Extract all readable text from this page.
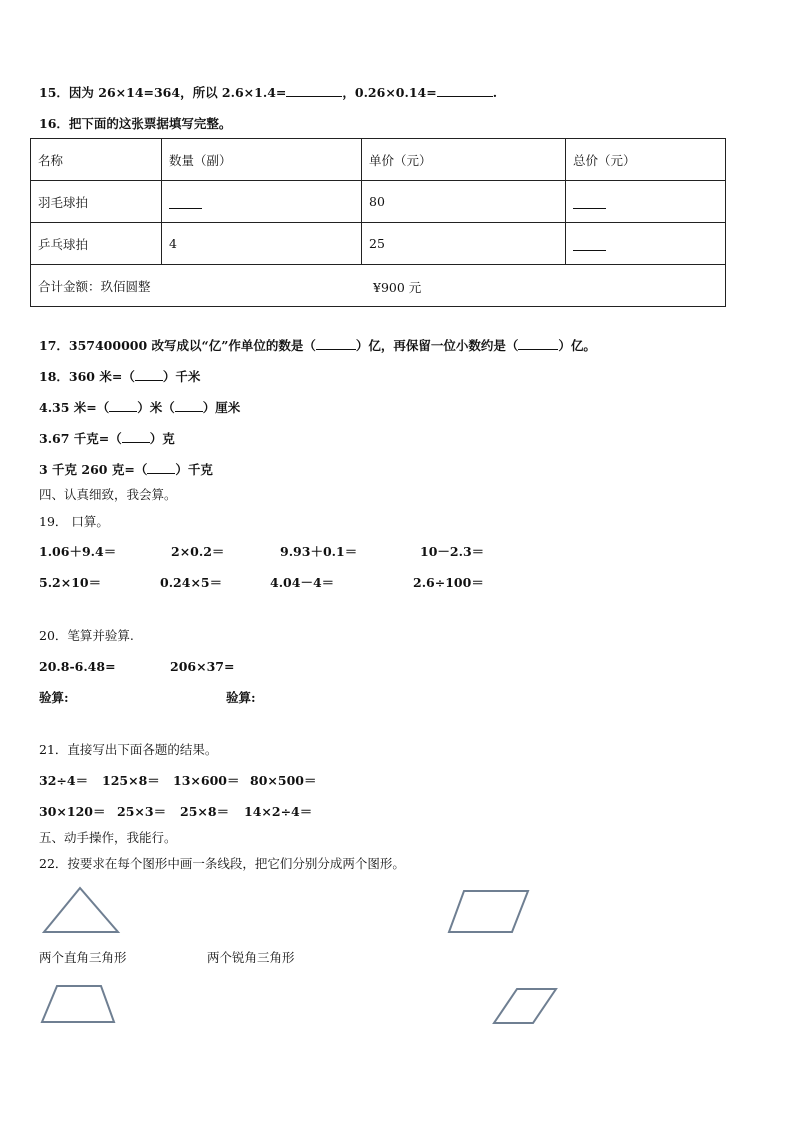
15．因为 26×14=364，所以 2.6×1.4=	，0.26×0.14=	.
16．把下面的这张票据填写完整。
名称	数量（副）	单价（元）	总价（元）
羽毛球拍		80	
乒乓球拍	4	25	
合计金额：玖佰圆整 ¥900 元			
17．357400000 改写成以“亿”作单位的数是（	）亿，再保留一位小数约是（	）亿。
18．360 米=（ ）千米
4.35 米=（ ）米（ ）厘米
3.67 千克=（ ）克
3 千克 260 克=（ ）千克
四、认真细致，我会算。
19． 口算。
1.06＋9.4＝	2×0.2＝	9.93＋0.1＝	10－2.3＝
5.2×10＝	0.24×5＝	4.04－4＝	2.6÷100＝
20．笔算并验算.
20.8-6.48=	206×37=
验算:	验算:
21．直接写出下面各题的结果。
32÷4＝ 125×8＝ 13×600＝ 80×500＝
30×120＝ 25×3＝ 25×8＝ 14×2÷4＝
五、动手操作，我能行。
22．按要求在每个图形中画一条线段，把它们分别分成两个图形。
两个直角三角形	两个锐角三角形
